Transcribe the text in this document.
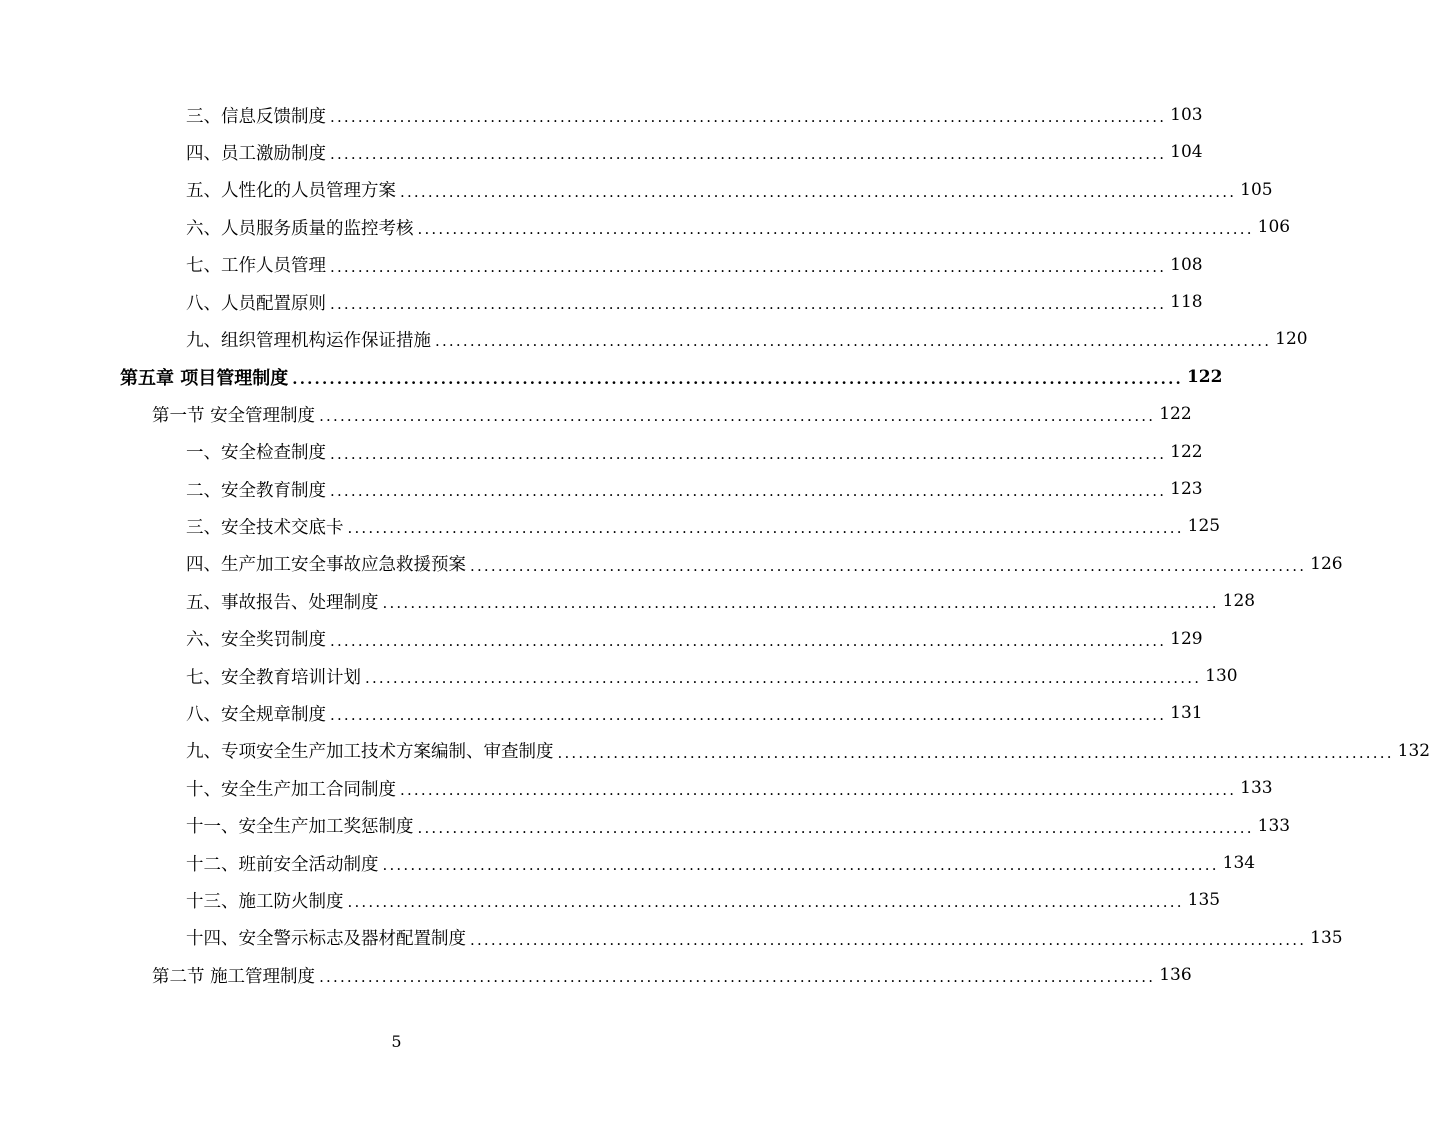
三、信息反馈制度 ........................................................................................................................ 103
四、员工激励制度 ........................................................................................................................ 104
五、人性化的人员管理方案 ........................................................................................................................ 105
六、人员服务质量的监控考核 ........................................................................................................................ 106
七、工作人员管理 ........................................................................................................................ 108
八、人员配置原则 ........................................................................................................................ 118
九、组织管理机构运作保证措施 ........................................................................................................................ 120
第五章 项目管理制度 ........................................................................................................................ 122
第一节 安全管理制度 ........................................................................................................................ 122
一、安全检查制度 ........................................................................................................................ 122
二、安全教育制度 ........................................................................................................................ 123
三、安全技术交底卡 ........................................................................................................................ 125
四、生产加工安全事故应急救援预案 ........................................................................................................................ 126
五、事故报告、处理制度 ........................................................................................................................ 128
六、安全奖罚制度 ........................................................................................................................ 129
七、安全教育培训计划 ........................................................................................................................ 130
八、安全规章制度 ........................................................................................................................ 131
九、专项安全生产加工技术方案编制、审查制度 ........................................................................................................................ 132
十、安全生产加工合同制度 ........................................................................................................................ 133
十一、安全生产加工奖惩制度 ........................................................................................................................ 133
十二、班前安全活动制度 ........................................................................................................................ 134
十三、施工防火制度 ........................................................................................................................ 135
十四、安全警示标志及器材配置制度 ........................................................................................................................ 135
第二节 施工管理制度 ........................................................................................................................ 136
5
